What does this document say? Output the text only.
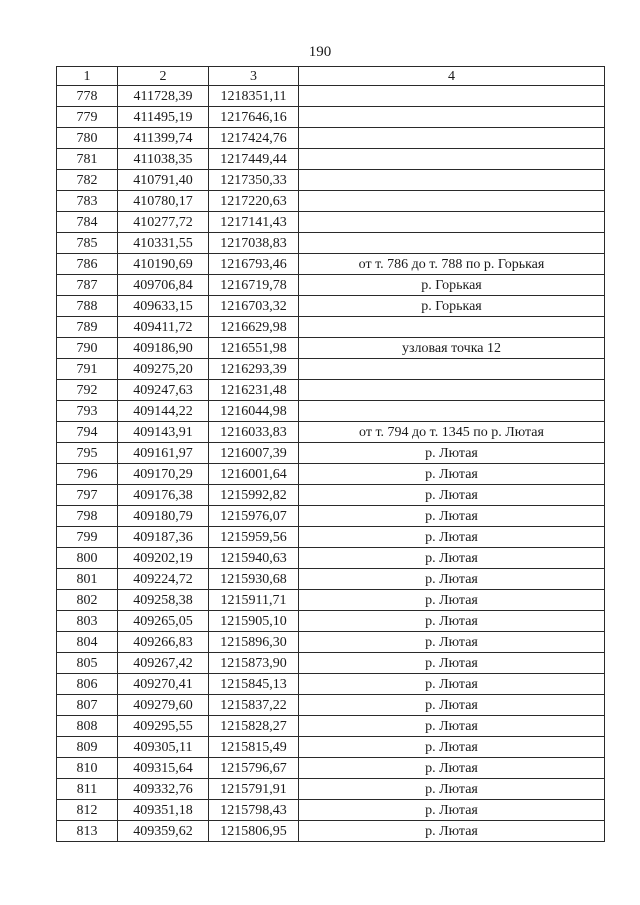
190
1	2	3	4
778	411728,39	1218351,11	
779	411495,19	1217646,16	
780	411399,74	1217424,76	
781	411038,35	1217449,44	
782	410791,40	1217350,33	
783	410780,17	1217220,63	
784	410277,72	1217141,43	
785	410331,55	1217038,83	
786	410190,69	1216793,46	от т. 786 до т. 788 по р. Горькая
787	409706,84	1216719,78	р. Горькая
788	409633,15	1216703,32	р. Горькая
789	409411,72	1216629,98	
790	409186,90	1216551,98	узловая точка 12
791	409275,20	1216293,39	
792	409247,63	1216231,48	
793	409144,22	1216044,98	
794	409143,91	1216033,83	от т. 794 до т. 1345 по р. Лютая
795	409161,97	1216007,39	р. Лютая
796	409170,29	1216001,64	р. Лютая
797	409176,38	1215992,82	р. Лютая
798	409180,79	1215976,07	р. Лютая
799	409187,36	1215959,56	р. Лютая
800	409202,19	1215940,63	р. Лютая
801	409224,72	1215930,68	р. Лютая
802	409258,38	1215911,71	р. Лютая
803	409265,05	1215905,10	р. Лютая
804	409266,83	1215896,30	р. Лютая
805	409267,42	1215873,90	р. Лютая
806	409270,41	1215845,13	р. Лютая
807	409279,60	1215837,22	р. Лютая
808	409295,55	1215828,27	р. Лютая
809	409305,11	1215815,49	р. Лютая
810	409315,64	1215796,67	р. Лютая
811	409332,76	1215791,91	р. Лютая
812	409351,18	1215798,43	р. Лютая
813	409359,62	1215806,95	р. Лютая
